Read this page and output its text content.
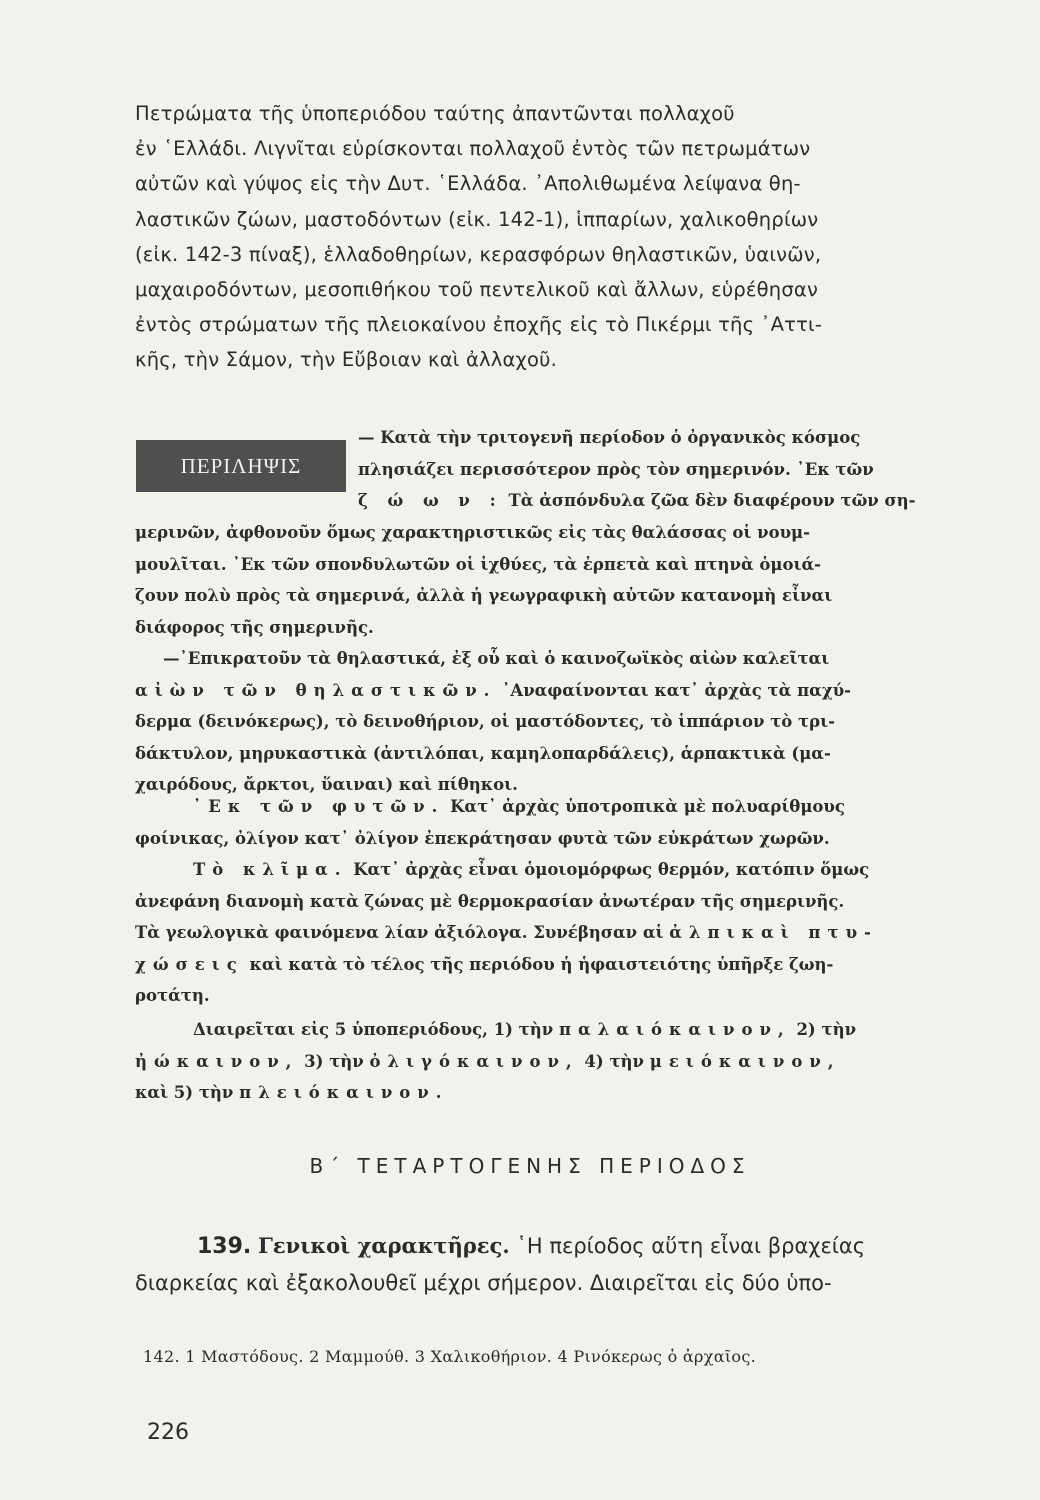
Πετρώματα τῆς ὑποπεριόδου ταύτης ἀπαντῶνται πολλαχοῦ
ἐν ῾Ελλάδι. Λιγνῖται εὑρίσκονται πολλαχοῦ ἐντὸς τῶν πετρωμάτων
αὐτῶν καὶ γύψος εἰς τὴν Δυτ. ῾Ελλάδα. ᾿Απολιθωμένα λείψανα θη-
λαστικῶν ζώων, μαστοδόντων (εἰκ. 142-1), ἱππαρίων, χαλικοθηρίων
(εἰκ. 142-3 πίναξ), ἑλλαδοθηρίων, κερασφόρων θηλαστικῶν, ὑαινῶν,
μαχαιροδόντων, μεσοπιθήκου τοῦ πεντελικοῦ καὶ ἄλλων, εὑρέθησαν
ἐντὸς στρώματων τῆς πλειοκαίνου ἐποχῆς εἰς τὸ Πικέρμι τῆς ᾿Αττι-
κῆς, τὴν Σάμον, τὴν Εὔβοιαν καὶ ἀλλαχοῦ.
ΠΕΡΙΛΗΨΙΣ
— Κατὰ τὴν τριτογενῆ περίοδον ὁ ὀργανικὸς κόσμος
πλησιάζει περισσότερον πρὸς τὸν σημερινόν. ᾿Εκ τῶν
ζ ώ ω ν : Τὰ ἀσπόνδυλα ζῶα δὲν διαφέρουν τῶν ση-
μερινῶν, ἀφθονοῦν ὅμως χαρακτηριστικῶς εἰς τὰς θαλάσσας οἱ νουμ-
μουλῖται. ᾿Εκ τῶν σπονδυλωτῶν οἱ ἰχθύες, τὰ ἑρπετὰ καὶ πτηνὰ ὁμοιά-
ζουν πολὺ πρὸς τὰ σημερινά, ἀλλὰ ἡ γεωγραφικὴ αὐτῶν κατανομὴ εἶναι
διάφορος τῆς σημερινῆς.
—᾿Επικρατοῦν τὰ θηλαστικά, ἐξ οὗ καὶ ὁ καινοζωϊκὸς αἰὼν καλεῖται
αἰὼν τῶν θηλαστικῶν. ᾿Αναφαίνονται κατ᾿ ἀρχὰς τὰ παχύ-
δερμα (δεινόκερως), τὸ δεινοθήριον, οἱ μαστόδοντες, τὸ ἱππάριον τὸ τρι-
δάκτυλον, μηρυκαστικὰ (ἀντιλόπαι, καμηλοπαρδάλεις), ἁρπακτικὰ (μα-
χαιρόδους, ἄρκτοι, ὕαιναι) καὶ πίθηκοι.
᾿Εκ τῶν φυτῶν. Κατ᾿ ἀρχὰς ὑποτροπικὰ μὲ πολυαρίθμους
φοίνικας, ὀλίγον κατ᾿ ὀλίγον ἐπεκράτησαν φυτὰ τῶν εὐκράτων χωρῶν.
Τὸ κλῖμα. Κατ᾿ ἀρχὰς εἶναι ὁμοιομόρφως θερμόν, κατόπιν ὅμως
ἀνεφάνη διανομὴ κατὰ ζώνας μὲ θερμοκρασίαν ἀνωτέραν τῆς σημερινῆς.
Τὰ γεωλογικὰ φαινόμενα λίαν ἀξιόλογα. Συνέβησαν αἱ ἀλπικαὶ πτυ-
χώσεις καὶ κατὰ τὸ τέλος τῆς περιόδου ἡ ἡφαιστειότης ὑπῆρξε ζωη-
ροτάτη.
Διαιρεῖται εἰς 5 ὑποπεριόδους, 1) τὴν παλαιόκαινον, 2) τὴν
ἠώκαινον, 3) τὴν ὀλιγόκαινον, 4) τὴν μειόκαινον,
καὶ 5) τὴν πλειόκαινον.
Β΄ ΤΕΤΑΡΤΟΓΕΝΗΣ ΠΕΡΙΟΔΟΣ
139. Γενικοὶ χαρακτῆρες. ῾Η περίοδος αὕτη εἶναι βραχείας
διαρκείας καὶ ἐξακολουθεῖ μέχρι σήμερον. Διαιρεῖται εἰς δύο ὑπο-
142. 1 Μαστόδους. 2 Μαμμούθ. 3 Χαλικοθήριον. 4 Ρινόκερως ὁ ἀρχαῖος.
226
